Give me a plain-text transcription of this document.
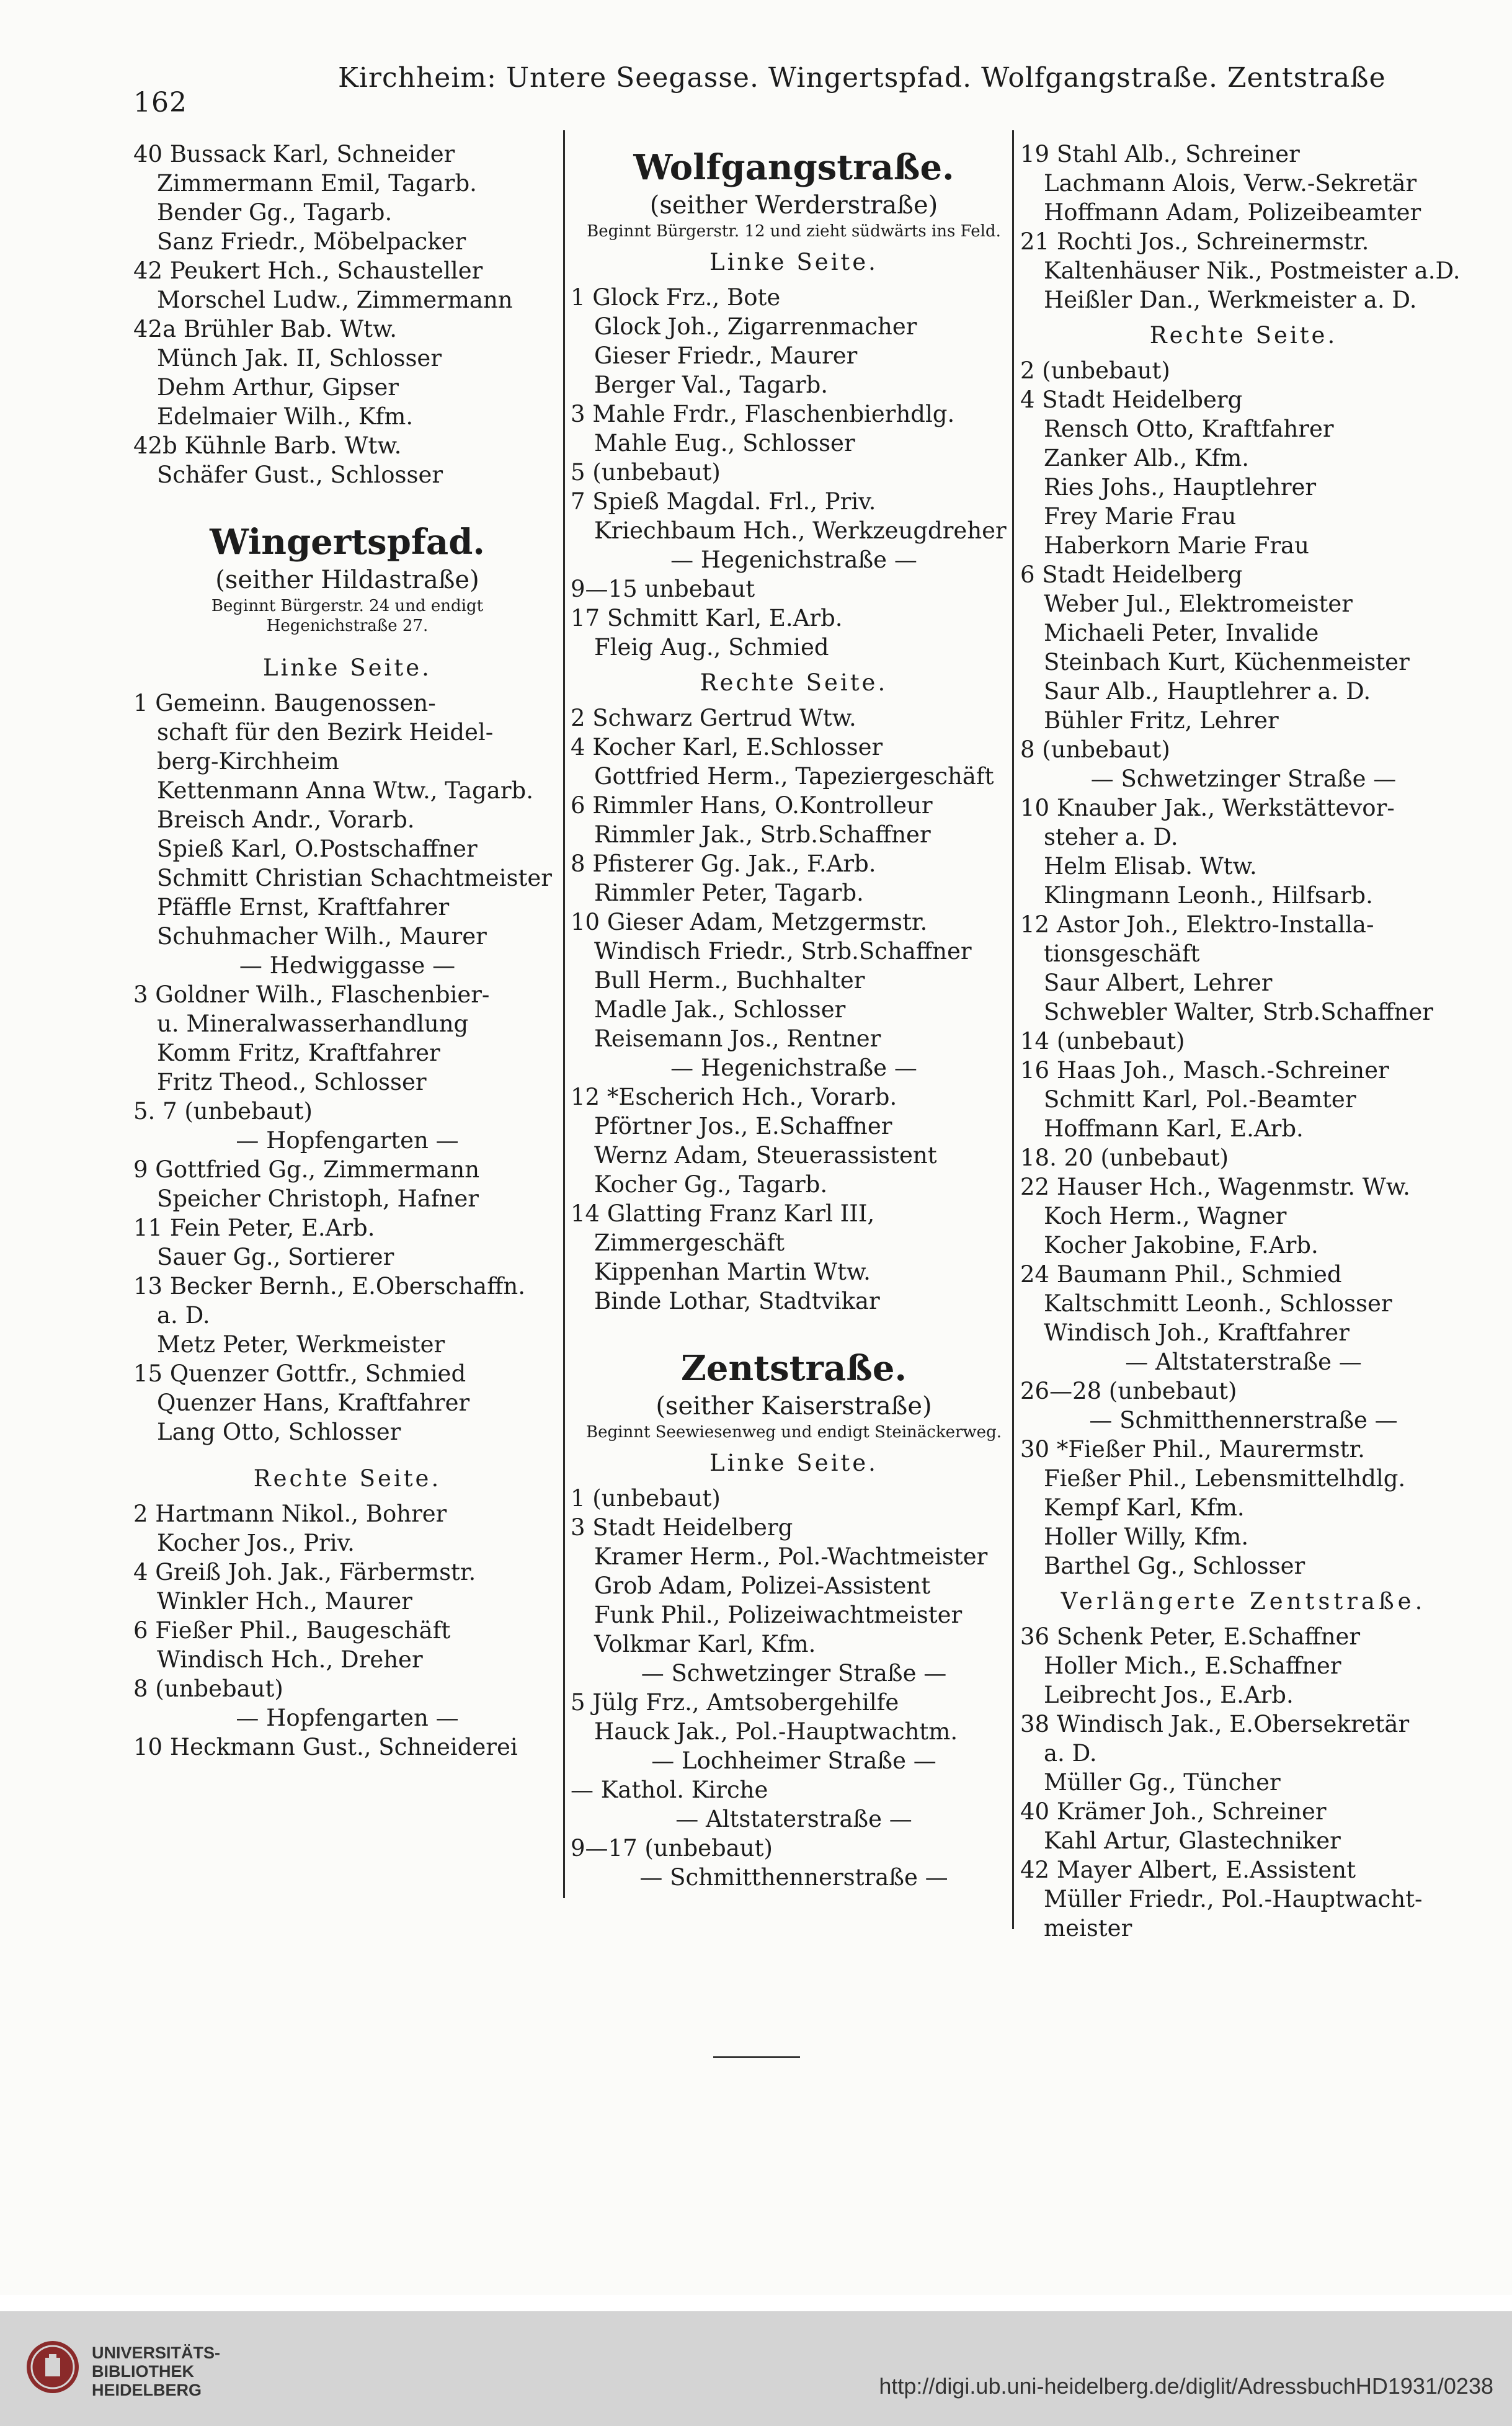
162
Kirchheim: Untere Seegasse. Wingertspfad. Wolfgangstraße. Zentstraße
40 Bussack Karl, Schneider
Zimmermann Emil, Tagarb.
Bender Gg., Tagarb.
Sanz Friedr., Möbelpacker
42 Peukert Hch., Schausteller
Morschel Ludw., Zimmermann
42a Brühler Bab. Wtw.
Münch Jak. II, Schlosser
Dehm Arthur, Gipser
Edelmaier Wilh., Kfm.
42b Kühnle Barb. Wtw.
Schäfer Gust., Schlosser
Wingertspfad.
(seither Hildastraße)
Beginnt Bürgerstr. 24 und endigt Hegenichstraße 27.
Linke Seite.
1 Gemeinn. Baugenossen-
schaft für den Bezirk Heidel-
berg-Kirchheim
Kettenmann Anna Wtw., Tagarb.
Breisch Andr., Vorarb.
Spieß Karl, O.Postschaffner
Schmitt Christian Schachtmeister
Pfäffle Ernst, Kraftfahrer
Schuhmacher Wilh., Maurer
— Hedwiggasse —
3 Goldner Wilh., Flaschenbier-
u. Mineralwasserhandlung
Komm Fritz, Kraftfahrer
Fritz Theod., Schlosser
5. 7 (unbebaut)
— Hopfengarten —
9 Gottfried Gg., Zimmermann
Speicher Christoph, Hafner
11 Fein Peter, E.Arb.
Sauer Gg., Sortierer
13 Becker Bernh., E.Oberschaffn.
a. D.
Metz Peter, Werkmeister
15 Quenzer Gottfr., Schmied
Quenzer Hans, Kraftfahrer
Lang Otto, Schlosser
Rechte Seite.
2 Hartmann Nikol., Bohrer
Kocher Jos., Priv.
4 Greiß Joh. Jak., Färbermstr.
Winkler Hch., Maurer
6 Fießer Phil., Baugeschäft
Windisch Hch., Dreher
8 (unbebaut)
— Hopfengarten —
10 Heckmann Gust., Schneiderei
Wolfgangstraße.
(seither Werderstraße)
Beginnt Bürgerstr. 12 und zieht südwärts ins Feld.
Linke Seite.
1 Glock Frz., Bote
Glock Joh., Zigarrenmacher
Gieser Friedr., Maurer
Berger Val., Tagarb.
3 Mahle Frdr., Flaschenbierhdlg.
Mahle Eug., Schlosser
5 (unbebaut)
7 Spieß Magdal. Frl., Priv.
Kriechbaum Hch., Werkzeugdreher
— Hegenichstraße —
9—15 unbebaut
17 Schmitt Karl, E.Arb.
Fleig Aug., Schmied
Rechte Seite.
2 Schwarz Gertrud Wtw.
4 Kocher Karl, E.Schlosser
Gottfried Herm., Tapeziergeschäft
6 Rimmler Hans, O.Kontrolleur
Rimmler Jak., Strb.Schaffner
8 Pfisterer Gg. Jak., F.Arb.
Rimmler Peter, Tagarb.
10 Gieser Adam, Metzgermstr.
Windisch Friedr., Strb.Schaffner
Bull Herm., Buchhalter
Madle Jak., Schlosser
Reisemann Jos., Rentner
— Hegenichstraße —
12 *Escherich Hch., Vorarb.
Pförtner Jos., E.Schaffner
Wernz Adam, Steuerassistent
Kocher Gg., Tagarb.
14 Glatting Franz Karl III,
Zimmergeschäft
Kippenhan Martin Wtw.
Binde Lothar, Stadtvikar
Zentstraße.
(seither Kaiserstraße)
Beginnt Seewiesenweg und endigt Steinäckerweg.
Linke Seite.
1 (unbebaut)
3 Stadt Heidelberg
Kramer Herm., Pol.-Wachtmeister
Grob Adam, Polizei-Assistent
Funk Phil., Polizeiwachtmeister
Volkmar Karl, Kfm.
— Schwetzinger Straße —
5 Jülg Frz., Amtsobergehilfe
Hauck Jak., Pol.-Hauptwachtm.
— Lochheimer Straße —
— Kathol. Kirche
— Altstaterstraße —
9—17 (unbebaut)
— Schmitthennerstraße —
19 Stahl Alb., Schreiner
Lachmann Alois, Verw.-Sekretär
Hoffmann Adam, Polizeibeamter
21 Rochti Jos., Schreinermstr.
Kaltenhäuser Nik., Postmeister a.D.
Heißler Dan., Werkmeister a. D.
Rechte Seite.
2 (unbebaut)
4 Stadt Heidelberg
Rensch Otto, Kraftfahrer
Zanker Alb., Kfm.
Ries Johs., Hauptlehrer
Frey Marie Frau
Haberkorn Marie Frau
6 Stadt Heidelberg
Weber Jul., Elektromeister
Michaeli Peter, Invalide
Steinbach Kurt, Küchenmeister
Saur Alb., Hauptlehrer a. D.
Bühler Fritz, Lehrer
8 (unbebaut)
— Schwetzinger Straße —
10 Knauber Jak., Werkstättevor-
steher a. D.
Helm Elisab. Wtw.
Klingmann Leonh., Hilfsarb.
12 Astor Joh., Elektro-Installa-
tionsgeschäft
Saur Albert, Lehrer
Schwebler Walter, Strb.Schaffner
14 (unbebaut)
16 Haas Joh., Masch.-Schreiner
Schmitt Karl, Pol.-Beamter
Hoffmann Karl, E.Arb.
18. 20 (unbebaut)
22 Hauser Hch., Wagenmstr. Ww.
Koch Herm., Wagner
Kocher Jakobine, F.Arb.
24 Baumann Phil., Schmied
Kaltschmitt Leonh., Schlosser
Windisch Joh., Kraftfahrer
— Altstaterstraße —
26—28 (unbebaut)
— Schmitthennerstraße —
30 *Fießer Phil., Maurermstr.
Fießer Phil., Lebensmittelhdlg.
Kempf Karl, Kfm.
Holler Willy, Kfm.
Barthel Gg., Schlosser
Verlängerte Zentstraße.
36 Schenk Peter, E.Schaffner
Holler Mich., E.Schaffner
Leibrecht Jos., E.Arb.
38 Windisch Jak., E.Obersekretär
a. D.
Müller Gg., Tüncher
40 Krämer Joh., Schreiner
Kahl Artur, Glastechniker
42 Mayer Albert, E.Assistent
Müller Friedr., Pol.-Hauptwacht-
meister
UNIVERSITÄTS-
BIBLIOTHEK
HEIDELBERG	http://digi.ub.uni-heidelberg.de/diglit/AdressbuchHD1931/0238
